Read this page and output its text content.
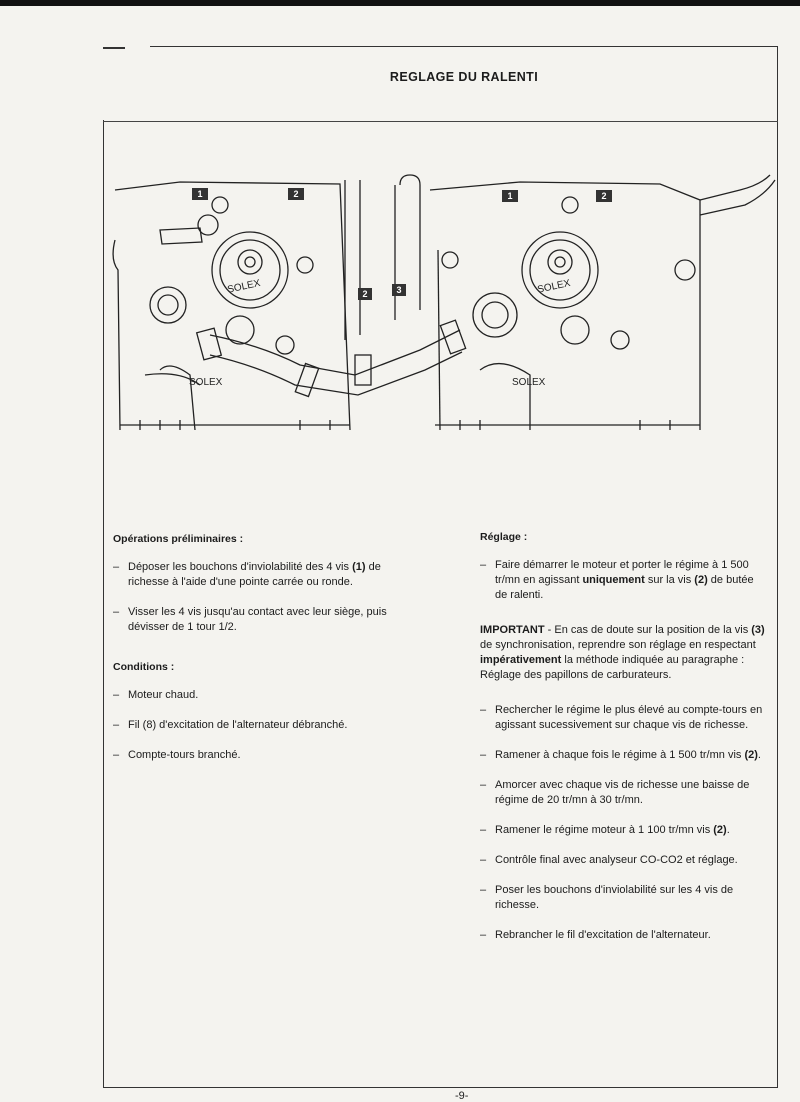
REGLAGE DU RALENTI
SOLEX	SOLEX
SOLEX	SOLEX
1	2	1	2
2	3
Opérations préliminaires :
– Déposer les bouchons d'inviolabilité des 4 vis (1) de richesse à l'aide d'une pointe carrée ou ronde.
– Visser les 4 vis jusqu'au contact avec leur siège, puis dévisser de 1 tour 1/2.
Conditions :
– Moteur chaud.
– Fil (8) d'excitation de l'alternateur débranché.
– Compte-tours branché.
Réglage :
– Faire démarrer le moteur et porter le régime à 1 500 tr/mn en agissant uniquement sur la vis (2) de butée de ralenti.
IMPORTANT - En cas de doute sur la position de la vis (3) de synchronisation, reprendre son réglage en respectant impérativement la méthode indiquée au paragraphe :
Réglage des papillons de carburateurs.
– Rechercher le régime le plus élevé au compte-tours en agissant sucessivement sur chaque vis de richesse.
– Ramener à chaque fois le régime à 1 500 tr/mn vis (2).
– Amorcer avec chaque vis de richesse une baisse de régime de 20 tr/mn à 30 tr/mn.
– Ramener le régime moteur à 1 100 tr/mn vis (2).
– Contrôle final avec analyseur CO-CO2 et réglage.
– Poser les bouchons d'inviolabilité sur les 4 vis de richesse.
– Rebrancher le fil d'excitation de l'alternateur.
-9-
